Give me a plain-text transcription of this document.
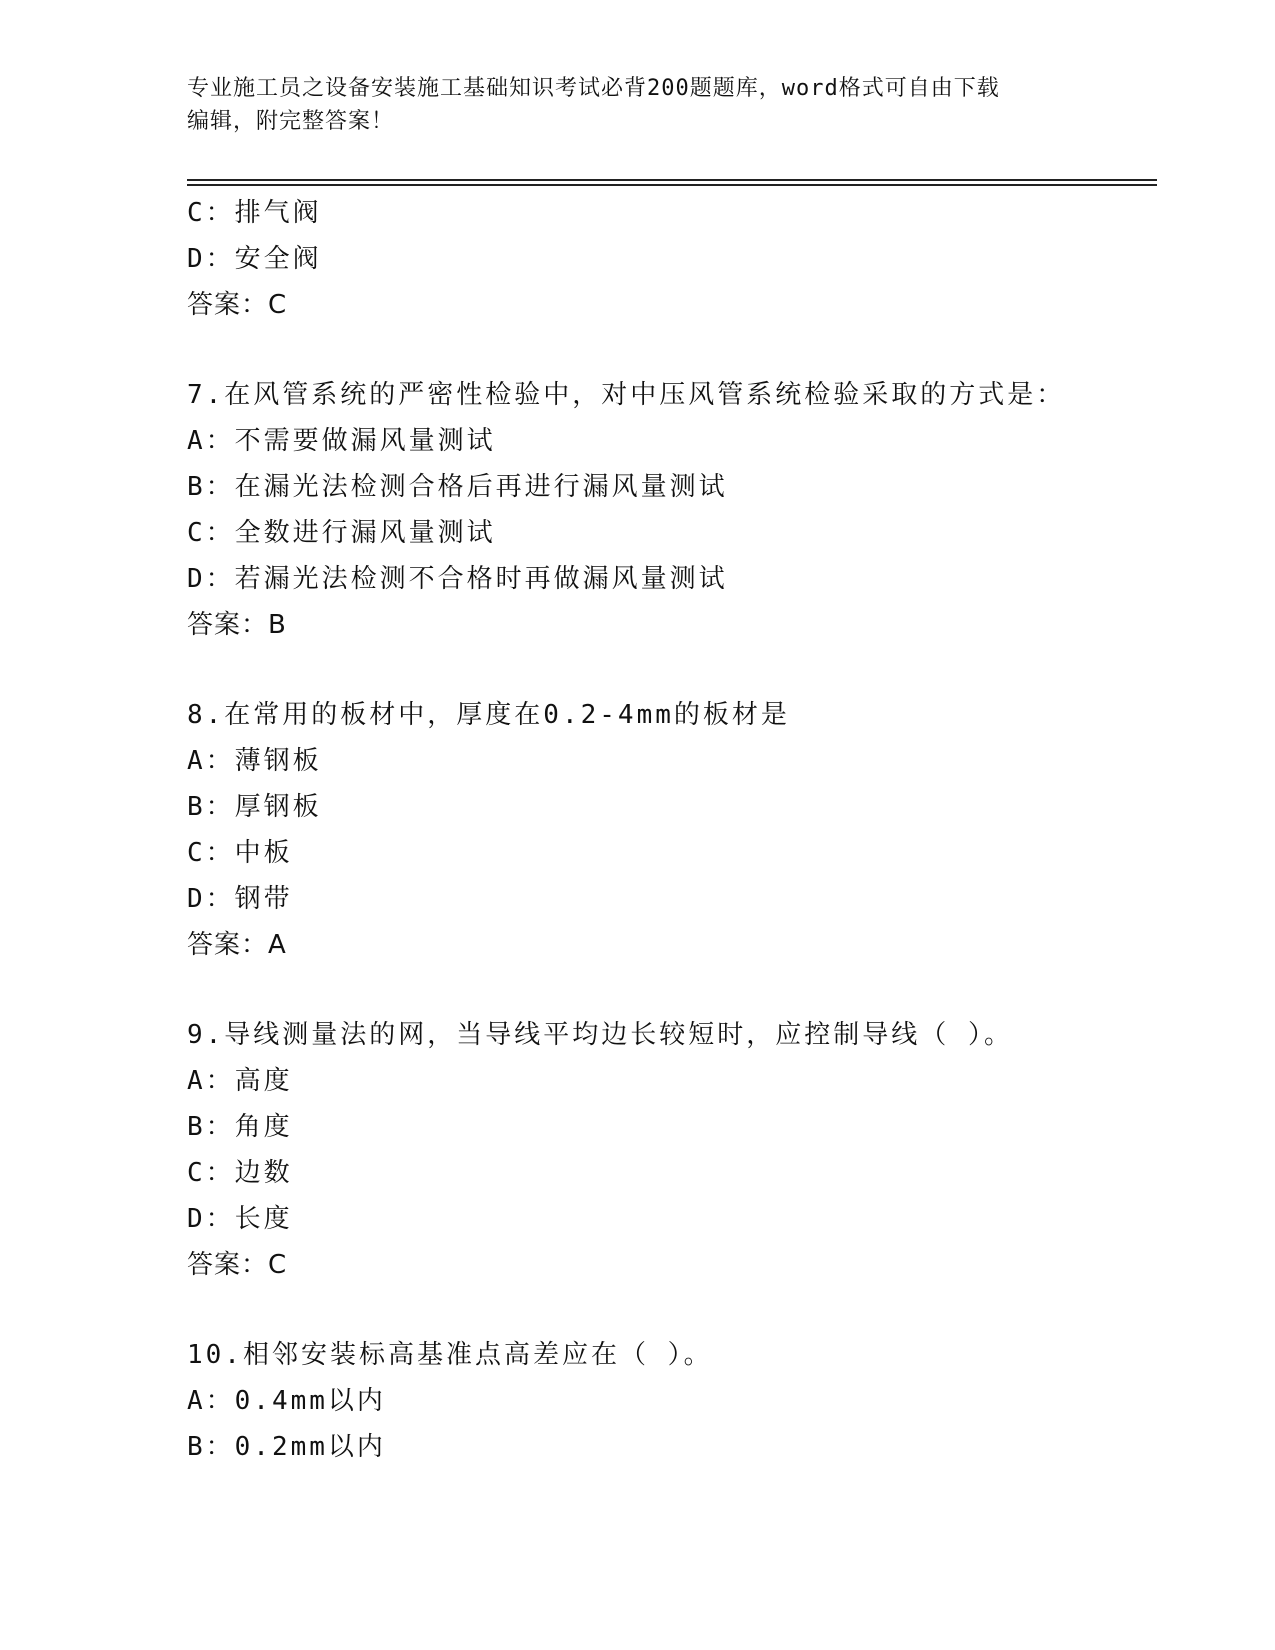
专业施工员之设备安装施工基础知识考试必背200题题库，word格式可自由下载
编辑，附完整答案！
C：排气阀
D：安全阀
答案：C
7.在风管系统的严密性检验中，对中压风管系统检验采取的方式是：
A：不需要做漏风量测试
B：在漏光法检测合格后再进行漏风量测试
C：全数进行漏风量测试
D：若漏光法检测不合格时再做漏风量测试
答案：B
8.在常用的板材中，厚度在0.2-4mm的板材是
A：薄钢板
B：厚钢板
C：中板
D：钢带
答案：A
9.导线测量法的网，当导线平均边长较短时，应控制导线（ ）。
A：高度
B：角度
C：边数
D：长度
答案：C
10.相邻安装标高基准点高差应在（ ）。
A：0.4mm以内
B：0.2mm以内
